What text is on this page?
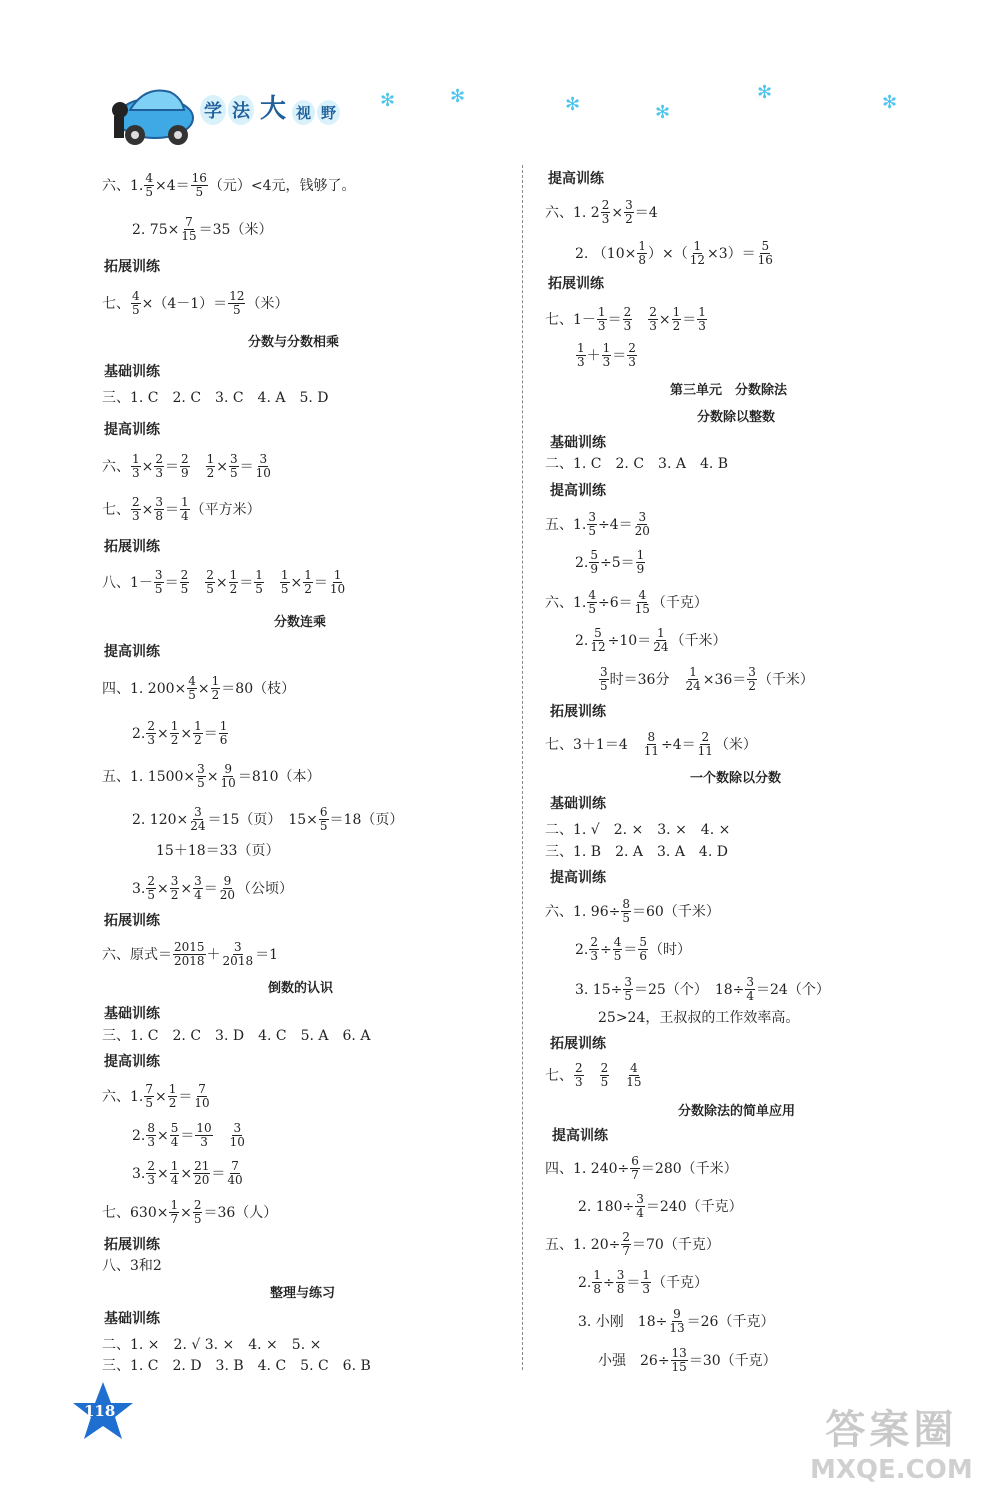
学 法 大 视 野
✻	✻	✻	✻
✻	✻
六、1. $\frac{4}{5} \times 4= \frac{16}{5}$ （元）<4元，钱够了。
2. $75\times \frac{7}{15} =35$（米）
拓展训练
七、 $\frac{4}{5} \times(4-1)= \frac{12}{5}$ （米）
分数与分数相乘
基础训练
三、1. C　2. C　3. C　4. A　5. D
提高训练
六、 $\frac{1}{3} \times \frac{2}{3} = \frac{2}{9}$
　 $\frac{1}{2} \times \frac{3}{5} = \frac{3}{10}$
七、 $\frac{2}{3} \times \frac{3}{8} = \frac{1}{4}$ （平方米）
拓展训练
八、$1- \frac{3}{5} = \frac{2}{5}$
　 $\frac{2}{5} \times \frac{1}{2} = \frac{1}{5}$
　 $\frac{1}{5} \times \frac{1}{2} = \frac{1}{10}$
分数连乘
提高训练
四、1. $200\times \frac{4}{5} \times \frac{1}{2} =80$（枝）
2. $\frac{2}{3} \times \frac{1}{2} \times \frac{1}{2} = \frac{1}{6}$
五、1. $1500\times \frac{3}{5} \times \frac{9}{10} =810$（本）
2. $120\times \frac{3}{24} =15$（页）　$15\times \frac{6}{5} =18$（页）
15＋18＝33（页）
3. $\frac{2}{5} \times \frac{3}{2} \times \frac{3}{4} = \frac{9}{20}$ （公顷）
拓展训练
六、原式＝ $\frac{2015}{2018} + \frac{3}{2018} =1$
倒数的认识
基础训练
三、1. C　2. C　3. D　4. C　5. A　6. A
提高训练
六、1. $\frac{7}{5} \times \frac{1}{2} = \frac{7}{10}$
2. $\frac{8}{3} \times \frac{5}{4} = \frac{10}{3}$
　 $\frac{3}{10}$
3. $\frac{2}{3} \times \frac{1}{4} \times \frac{21}{20} = \frac{7}{40}$
七、$630\times \frac{1}{7} \times \frac{2}{5} =36$（人）
拓展训练
八、3和2
整理与练习
基础训练
二、1. ×　2. √ 3. ×　4. ×　5. ×
三、1. C　2. D　3. B　4. C　5. C　6. B
提高训练
六、1. $2 \frac{2}{3} \times \frac{3}{2} =4$
2. （$10\times \frac{1}{8}$ ）×（ $\frac{1}{12} \times 3)= \frac{5}{16}$
拓展训练
七、$1- \frac{1}{3} = \frac{2}{3}$
　 $\frac{2}{3} \times \frac{1}{2} = \frac{1}{3}$
$\frac{1}{3} + \frac{1}{3} = \frac{2}{3}$
第三单元　分数除法
分数除以整数
基础训练
二、1. C　2. C　3. A　4. B
提高训练
五、1. $\frac{3}{5} \div 4= \frac{3}{20}$
2. $\frac{5}{9} \div 5= \frac{1}{9}$
六、1. $\frac{4}{5} \div 6= \frac{4}{15}$ （千克）
2. $\frac{5}{12} \div 10= \frac{1}{24}$ （千米）
$\frac{3}{5}$ 时＝36分　 $\frac{1}{24} \times 36= \frac{3}{2}$ （千米）
拓展训练
七、3＋1＝4　 $\frac{8}{11} \div 4= \frac{2}{11}$ （米）
一个数除以分数
基础训练
二、1. √　2. ×　3. ×　4. ×
三、1. B　2. A　3. A　4. D
提高训练
六、1. $96\div \frac{8}{5} =60$（千米）
2. $\frac{2}{3} \div \frac{4}{5} = \frac{5}{6}$ （时）
3. $15\div \frac{3}{5} =25$（个）　$18\div \frac{3}{4} =24$（个）
25>24，王叔叔的工作效率高。
拓展训练
七、 $\frac{2}{3}$
　 $\frac{2}{5}$
　 $\frac{4}{15}$
分数除法的简单应用
提高训练
四、1. $240\div \frac{6}{7} =280$（千米）
2. $180\div \frac{3}{4} =240$（千克）
五、1. $20\div \frac{2}{7} =70$（千克）
2. $\frac{1}{8} \div \frac{3}{8} = \frac{1}{3}$ （千克）
3. 小刚　$18\div \frac{9}{13} =26$（千克）
小强　$26\div \frac{13}{15} =30$（千克）
118	答案圈
MXQE.COM
